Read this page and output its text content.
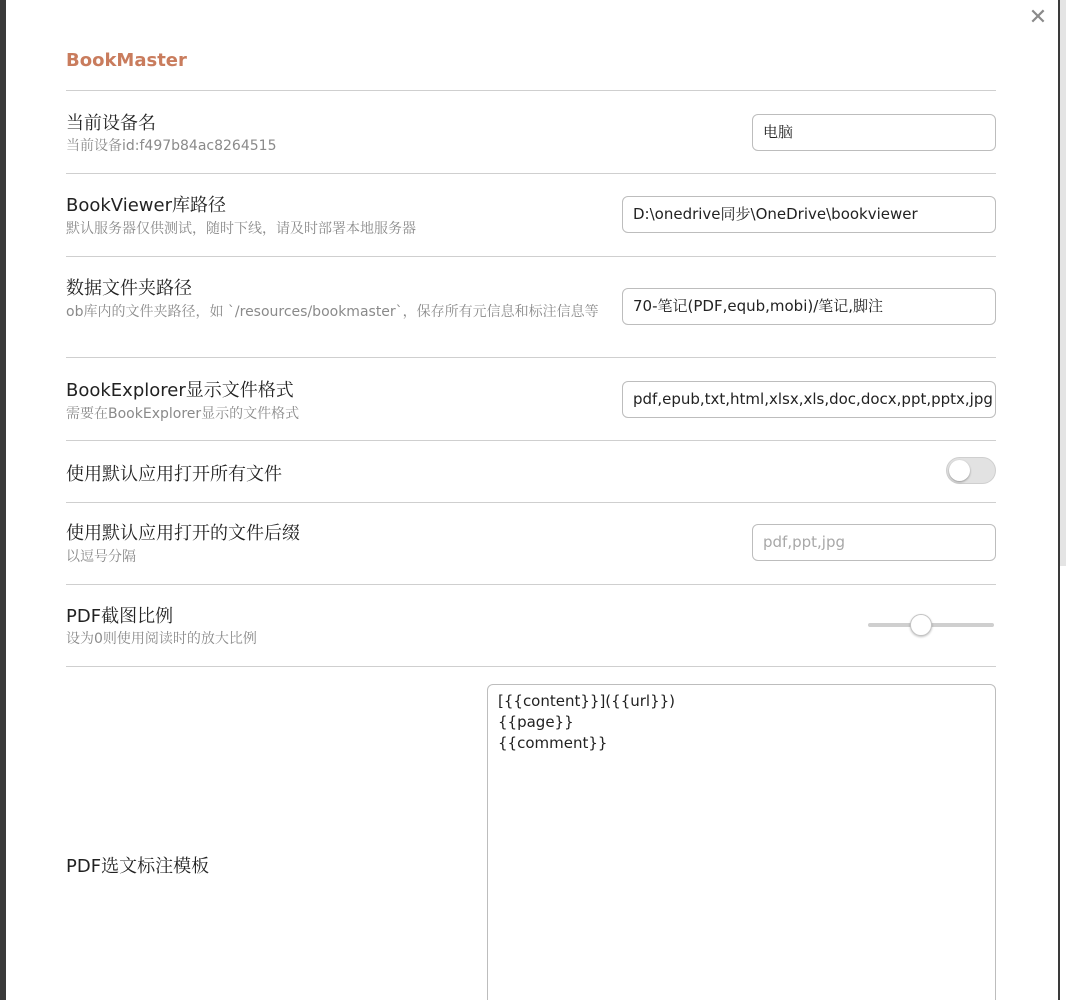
✕
BookMaster
当前设备名
当前设备id:f497b84ac8264515
电脑
BookViewer库路径
默认服务器仅供测试，随时下线，请及时部署本地服务器
D:\onedrive同步\OneDrive\bookviewer
数据文件夹路径
ob库内的文件夹路径，如 `/resources/bookmaster`，保存所有元信息和标注信息等	70-笔记(PDF,equb,mobi)/笔记,脚注
BookExplorer显示文件格式
需要在BookExplorer显示的文件格式
pdf,epub,txt,html,xlsx,xls,doc,docx,ppt,pptx,jpg
使用默认应用打开所有文件
使用默认应用打开的文件后缀
以逗号分隔
pdf,ppt,jpg
PDF截图比例
设为0则使用阅读时的放大比例
PDF选文标注模板
[{{content}}]({{url}})
{{page}}
{{comment}}
